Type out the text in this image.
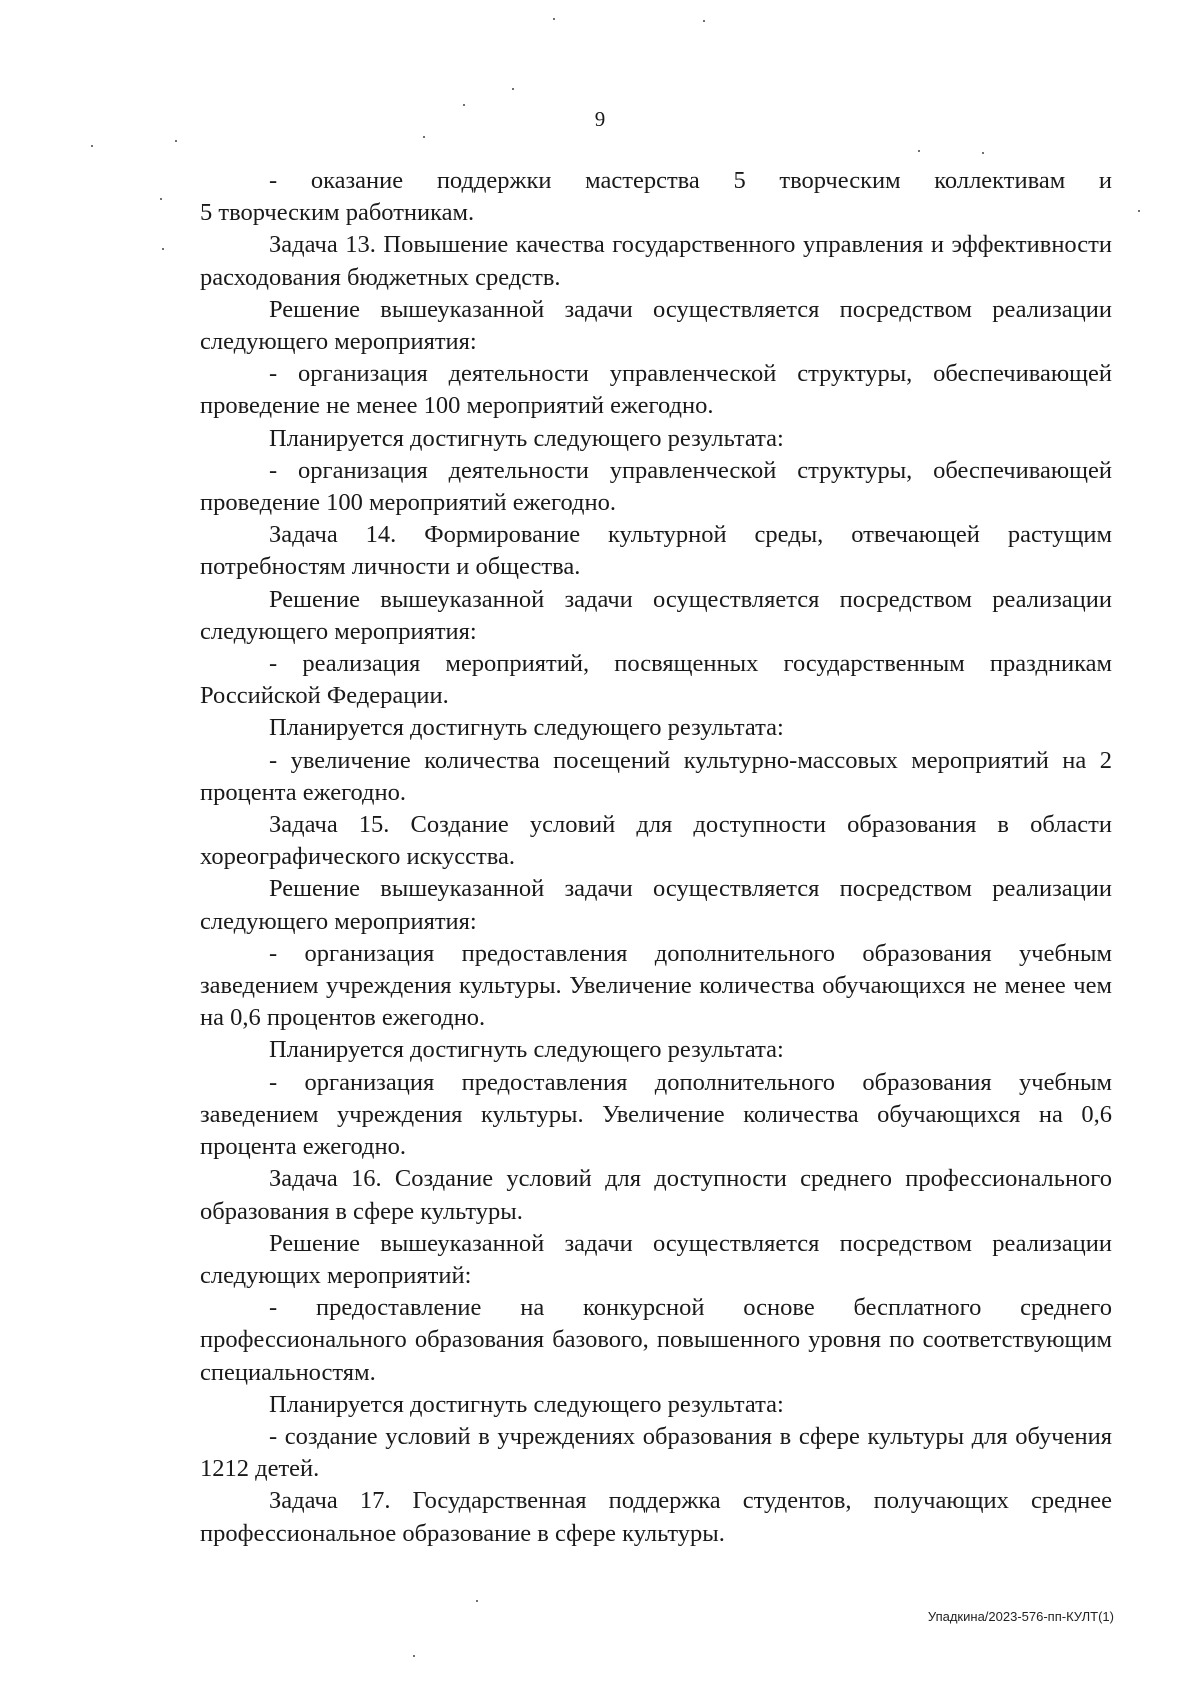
9

- оказание поддержки мастерства 5 творческим коллективам и

5 творческим работникам.

Задача 13. Повышение качества государственного управления и эффективности расходования бюджетных средств.

Решение вышеуказанной задачи осуществляется посредством реализации следующего мероприятия:

- организация деятельности управленческой структуры, обеспечивающей проведение не менее 100 мероприятий ежегодно.

Планируется достигнуть следующего результата:

- организация деятельности управленческой структуры, обеспечивающей проведение 100 мероприятий ежегодно.

Задача 14. Формирование культурной среды, отвечающей растущим потребностям личности и общества.

Решение вышеуказанной задачи осуществляется посредством реализации следующего мероприятия:

- реализация мероприятий, посвященных государственным праздникам Российской Федерации.

Планируется достигнуть следующего результата:

- увеличение количества посещений культурно-массовых мероприятий на 2 процента ежегодно.

Задача 15. Создание условий для доступности образования в области хореографического искусства.

Решение вышеуказанной задачи осуществляется посредством реализации следующего мероприятия:

- организация предоставления дополнительного образования учебным заведением учреждения культуры. Увеличение количества обучающихся не менее чем на 0,6 процентов ежегодно.

Планируется достигнуть следующего результата:

- организация предоставления дополнительного образования учебным заведением учреждения культуры. Увеличение количества обучающихся на 0,6 процента ежегодно.

Задача 16. Создание условий для доступности среднего профессионального образования в сфере культуры.

Решение вышеуказанной задачи осуществляется посредством реализации следующих мероприятий:

- предоставление на конкурсной основе бесплатного среднего профессионального образования базового, повышенного уровня по соответствующим специальностям.

Планируется достигнуть следующего результата:

- создание условий в учреждениях образования в сфере культуры для обучения 1212 детей.

Задача 17. Государственная поддержка студентов, получающих среднее профессиональное образование в сфере культуры.

Упадкина/2023-576-пп-КУЛТ(1)
